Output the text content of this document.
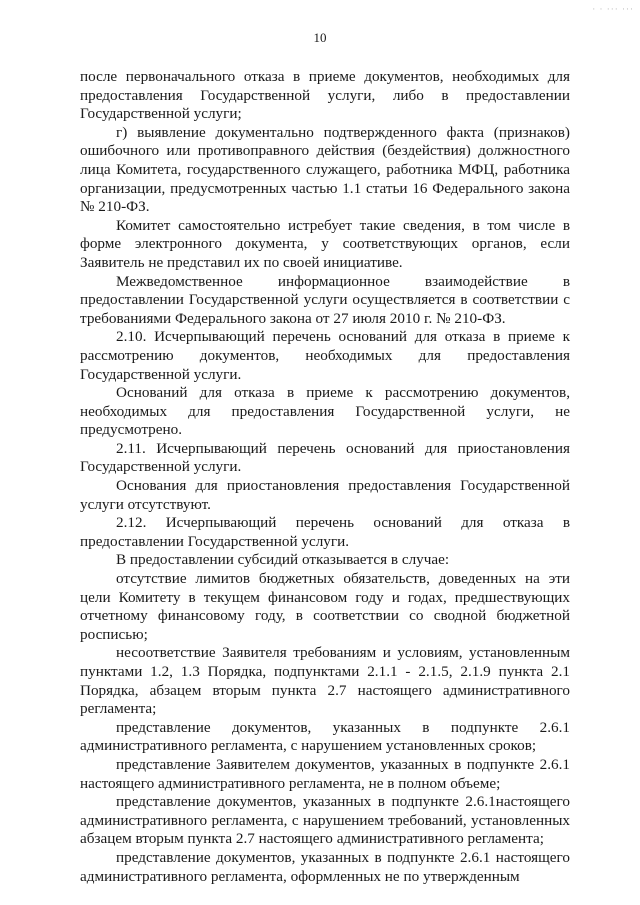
· · ··· ···
10

после первоначального отказа в приеме документов, необходимых для предоставления Государственной услуги, либо в предоставлении Государственной услуги;

г) выявление документально подтвержденного факта (признаков) ошибочного или противоправного действия (бездействия) должностного лица Комитета, государственного служащего, работника МФЦ, работника организации, предусмотренных частью 1.1 статьи 16 Федерального закона № 210-ФЗ.

Комитет самостоятельно истребует такие сведения, в том числе в форме электронного документа, у соответствующих органов, если Заявитель не представил их по своей инициативе.

Межведомственное информационное взаимодействие в предоставлении Государственной услуги осуществляется в соответствии с требованиями Федерального закона от 27 июля 2010 г. № 210-ФЗ.

2.10. Исчерпывающий перечень оснований для отказа в приеме к рассмотрению документов, необходимых для предоставления Государственной услуги.

Оснований для отказа в приеме к рассмотрению документов, необходимых для предоставления Государственной услуги, не предусмотрено.

2.11. Исчерпывающий перечень оснований для приостановления Государственной услуги.

Основания для приостановления предоставления Государственной услуги отсутствуют.

2.12. Исчерпывающий перечень оснований для отказа в предоставлении Государственной услуги.

В предоставлении субсидий отказывается в случае:

отсутствие лимитов бюджетных обязательств, доведенных на эти цели Комитету в текущем финансовом году и годах, предшествующих отчетному финансовому году, в соответствии со сводной бюджетной росписью;

несоответствие Заявителя требованиям и условиям, установленным пунктами 1.2, 1.3 Порядка, подпунктами 2.1.1 - 2.1.5, 2.1.9 пункта 2.1 Порядка, абзацем вторым пункта 2.7 настоящего административного регламента;

представление документов, указанных в подпункте 2.6.1 административного регламента, с нарушением установленных сроков;

представление Заявителем документов, указанных в подпункте 2.6.1 настоящего административного регламента, не в полном объеме;

представление документов, указанных в подпункте 2.6.1настоящего административного регламента, с нарушением требований, установленных абзацем вторым пункта 2.7 настоящего административного регламента;

представление документов, указанных в подпункте 2.6.1 настоящего административного регламента, оформленных не по утвержденным
